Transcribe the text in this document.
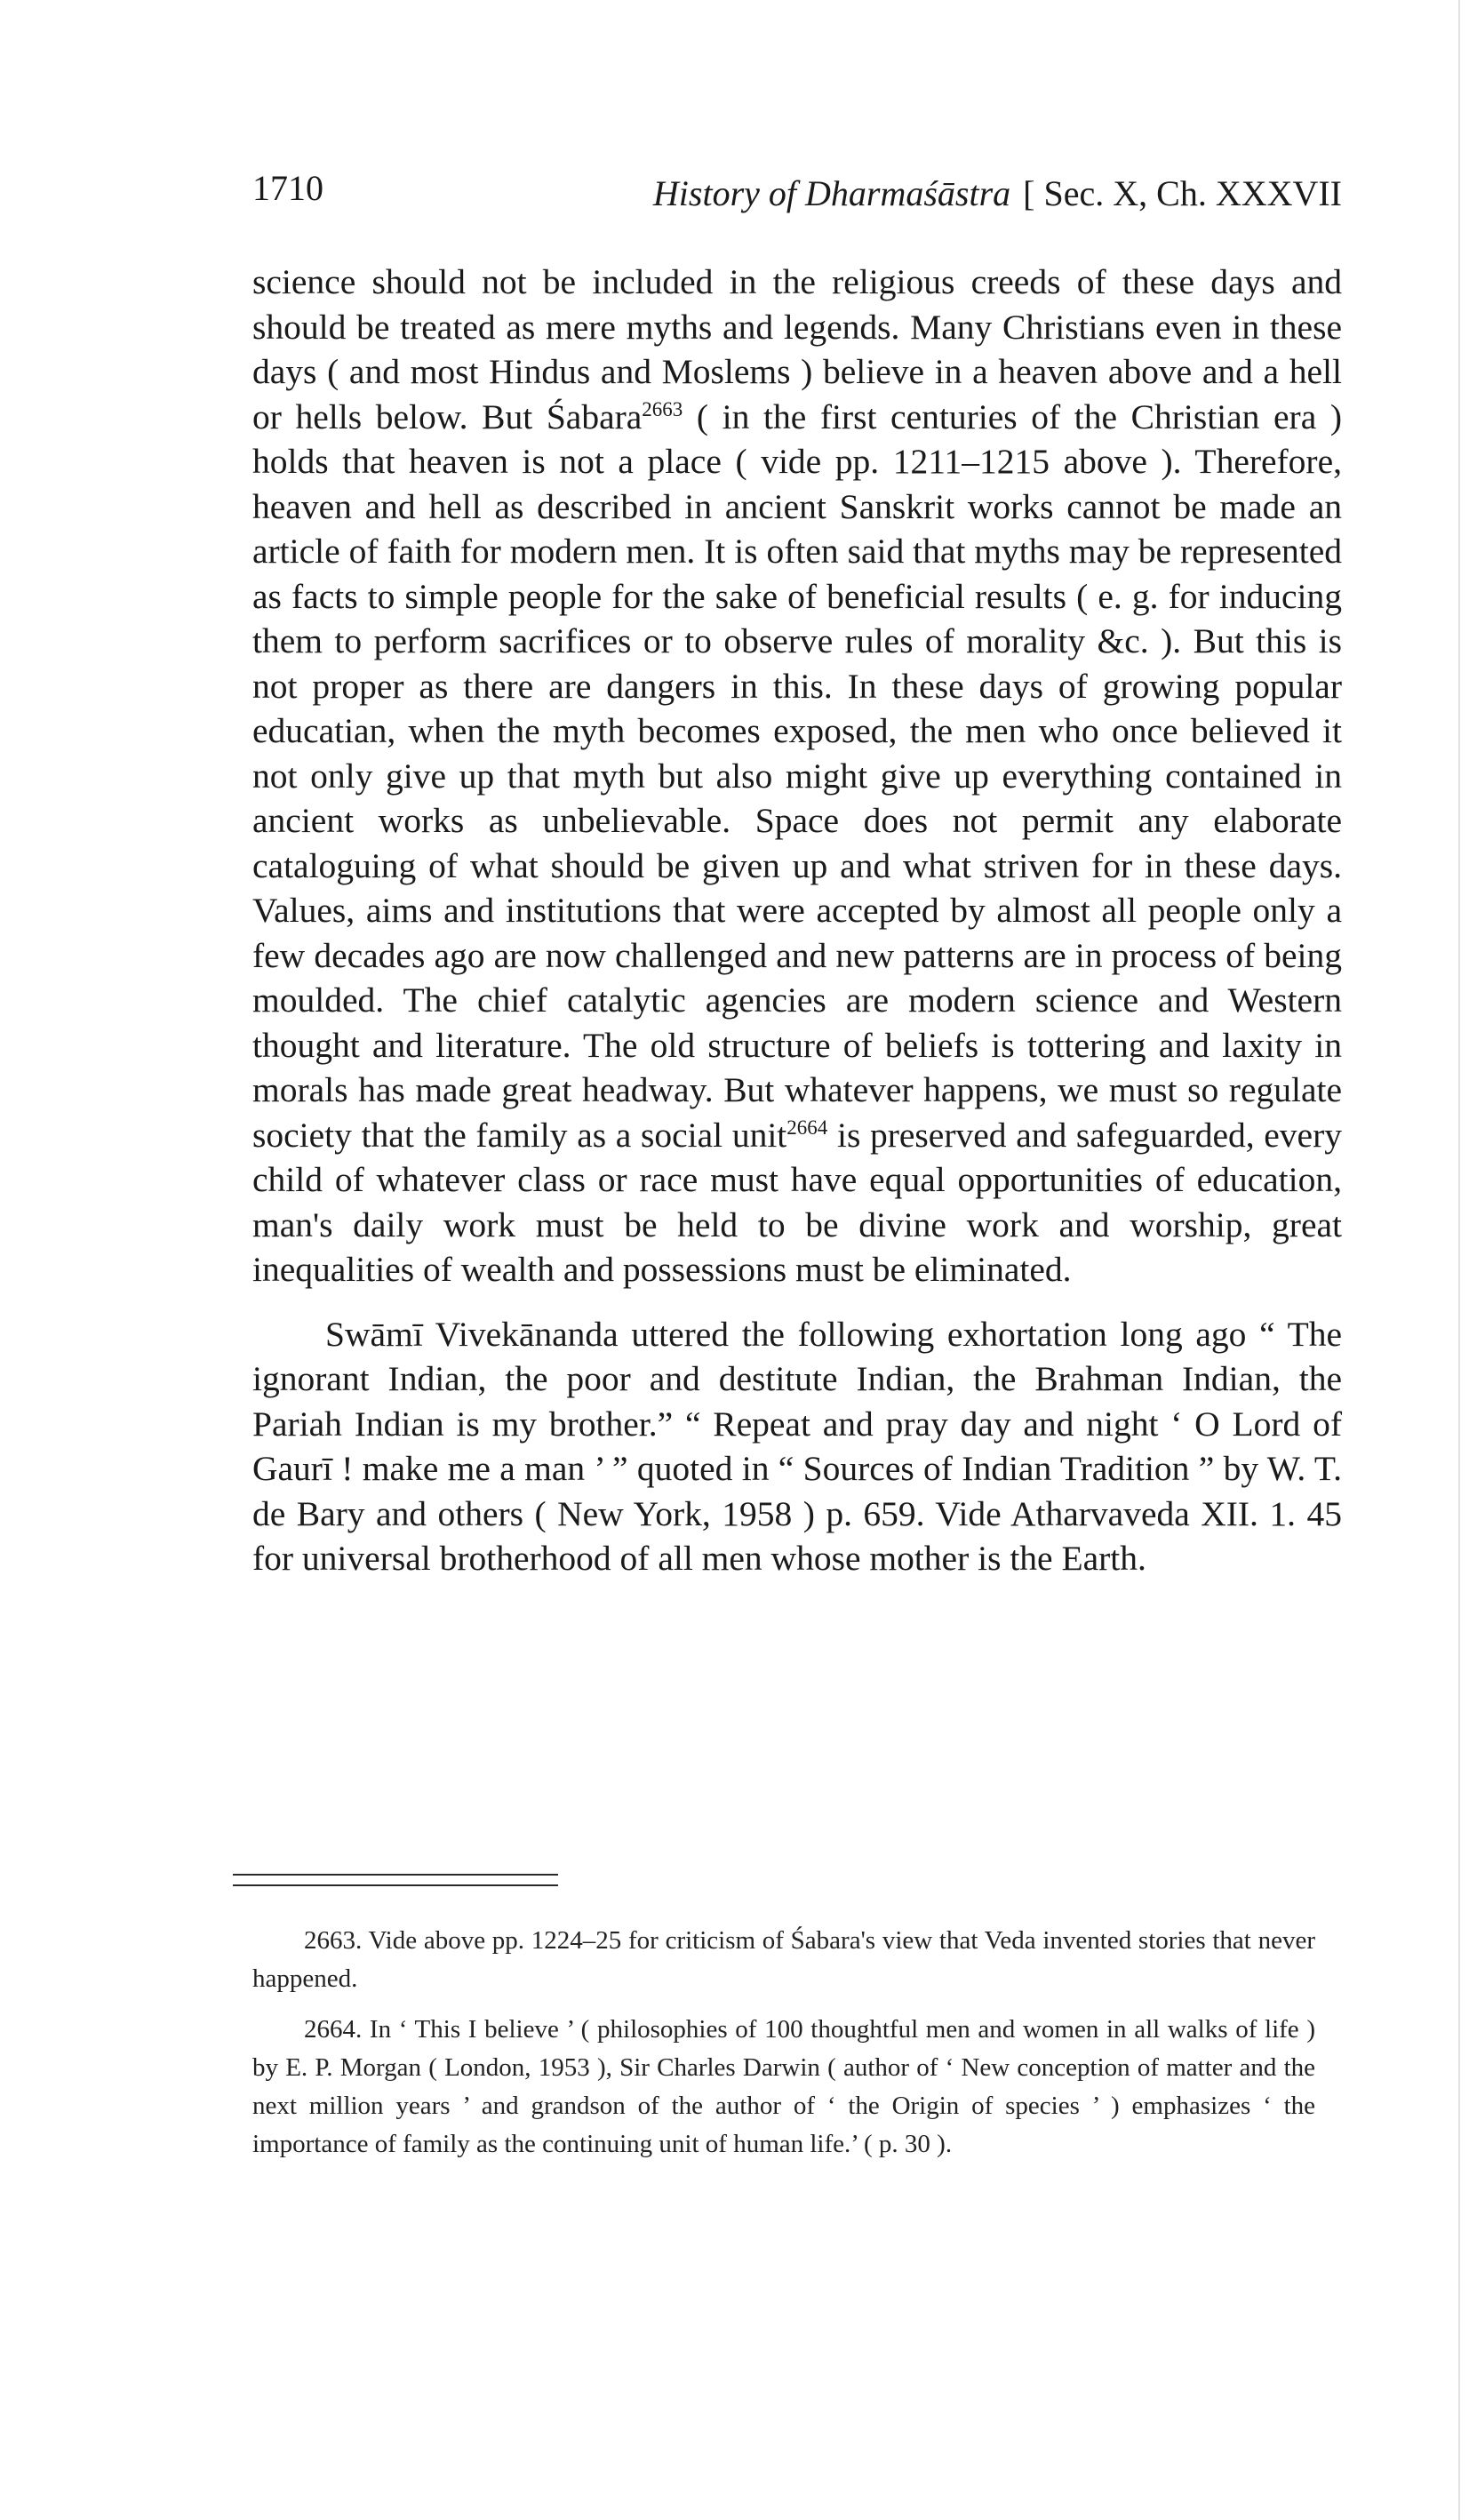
1710	History of Dharmaśāstra [ Sec. X, Ch. XXXVII

science should not be included in the religious creeds of these days and should be treated as mere myths and legends. Many Christians even in these days ( and most Hindus and Moslems ) believe in a heaven above and a hell or hells below. But Śabara$^{2663}$ ( in the first centuries of the Christian era ) holds that heaven is not a place ( vide pp. 1211–1215 above ). Therefore, heaven and hell as described in ancient Sanskrit works cannot be made an article of faith for modern men. It is often said that myths may be represented as facts to simple people for the sake of beneficial results ( e. g. for inducing them to perform sacrifices or to observe rules of morality &c. ). But this is not proper as there are dangers in this. In these days of growing popular educatian, when the myth becomes exposed, the men who once believed it not only give up that myth but also might give up everything contained in ancient works as unbelievable. Space does not permit any elaborate cataloguing of what should be given up and what striven for in these days. Values, aims and institutions that were accepted by almost all people only a few decades ago are now challenged and new patterns are in process of being moulded. The chief catalytic agencies are modern science and Western thought and literature. The old structure of beliefs is tottering and laxity in morals has made great headway. But whatever happens, we must so regulate society that the family as a social unit$^{2664}$ is preserved and safeguarded, every child of whatever class or race must have equal opportunities of education, man's daily work must be held to be divine work and worship, great inequalities of wealth and possessions must be eliminated.

Swāmī Vivekānanda uttered the following exhortation long ago “ The ignorant Indian, the poor and destitute Indian, the Brahman Indian, the Pariah Indian is my brother.” “ Repeat and pray day and night ‘ O Lord of Gaurī ! make me a man ’ ” quoted in “ Sources of Indian Tradition ” by W. T. de Bary and others ( New York, 1958 ) p. 659. Vide Atharvaveda XII. 1. 45 for universal brotherhood of all men whose mother is the Earth.

2663. Vide above pp. 1224–25 for criticism of Śabara's view that Veda invented stories that never happened.

2664. In ‘ This I believe ’ ( philosophies of 100 thoughtful men and women in all walks of life ) by E. P. Morgan ( London, 1953 ), Sir Charles Darwin ( author of ‘ New conception of matter and the next million years ’ and grandson of the author of ‘ the Origin of species ’ ) emphasizes ‘ the importance of family as the continuing unit of human life.’ ( p. 30 ).
